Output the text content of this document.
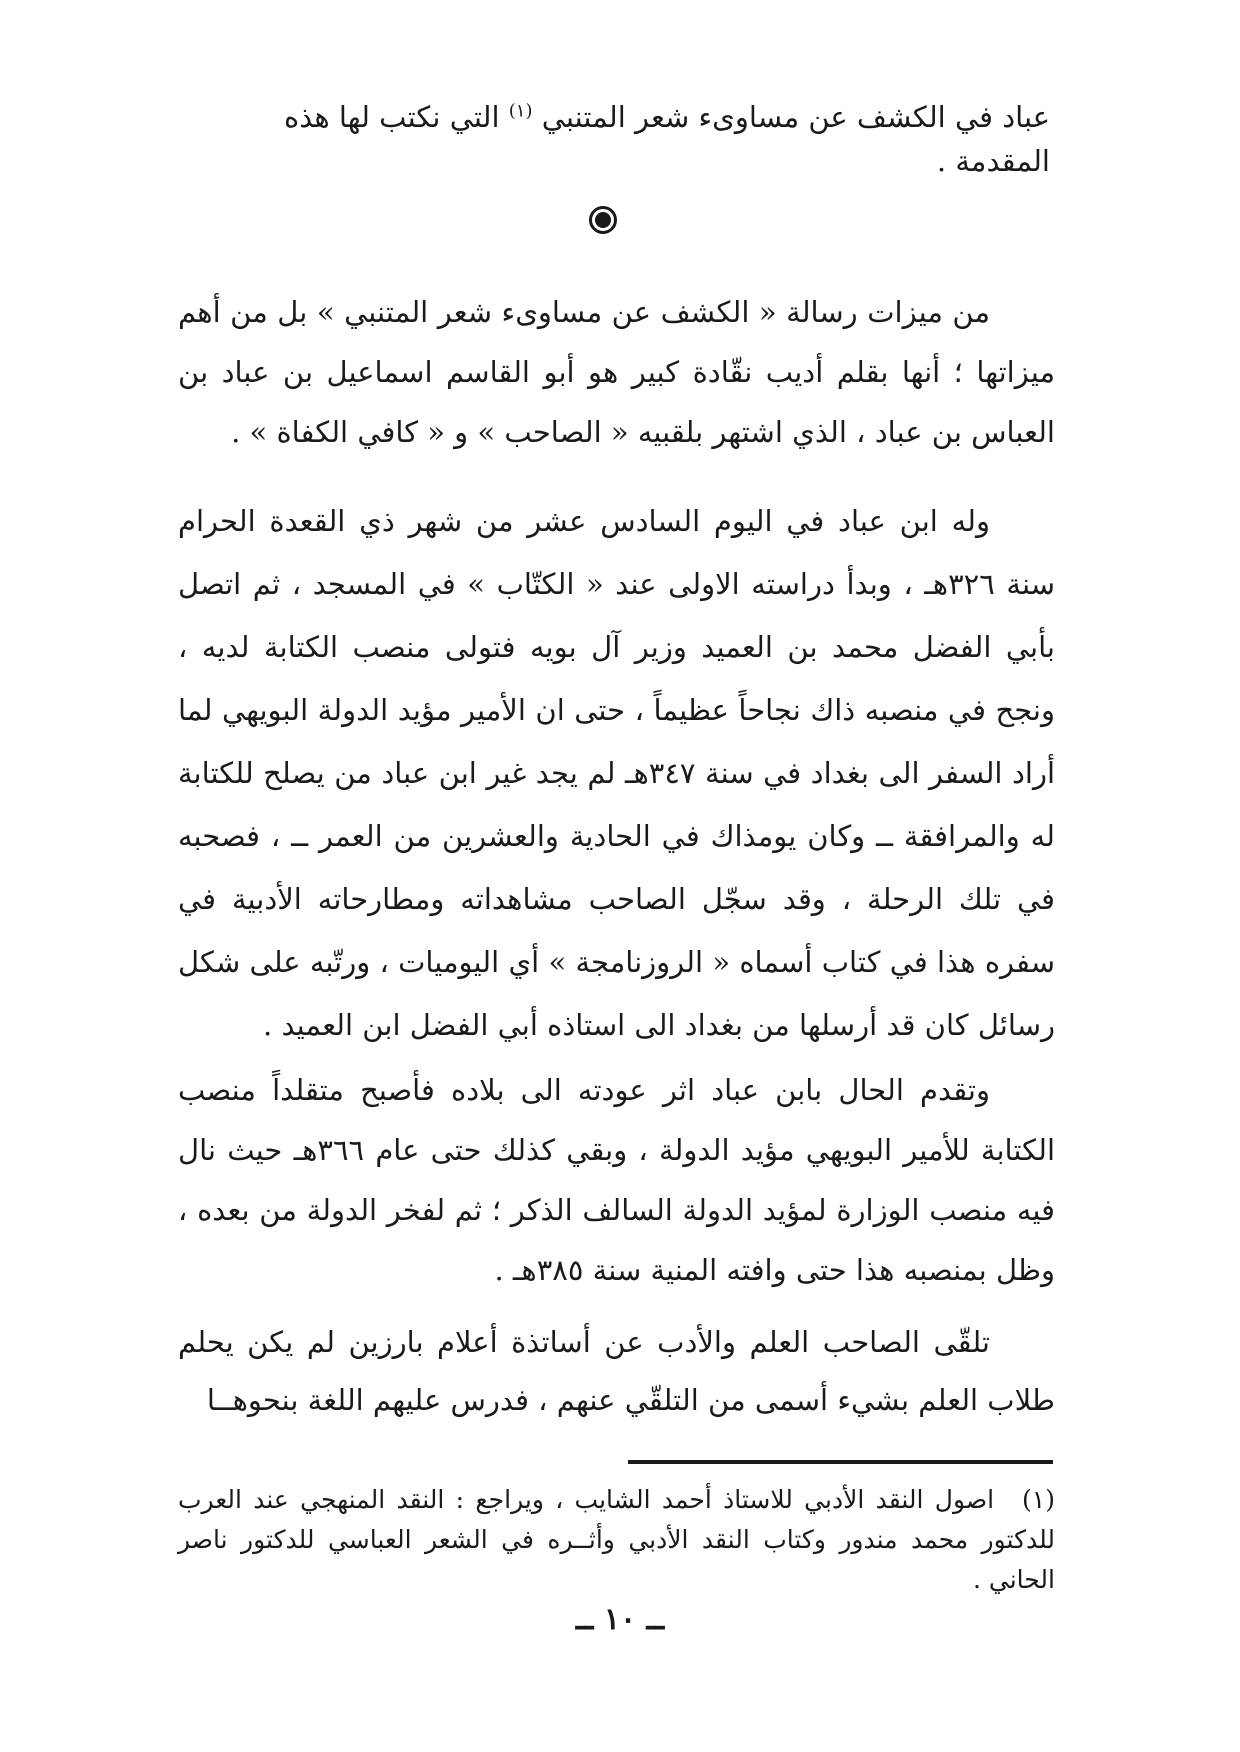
عباد في الكشف عن مساوىء شعر المتنبي $^{(١)}$ التي نكتب لها هذه المقدمة .

من ميزات رسالة « الكشف عن مساوىء شعر المتنبي » بل من أهم ميزاتها ؛ أنها بقلم أديب نقّادة كبير هو أبو القاسم اسماعيل بن عباد بن العباس بن عباد ، الذي اشتهر بلقبيه « الصاحب » و « كافي الكفاة » .

وله ابن عباد في اليوم السادس عشر من شهر ذي القعدة الحرام سنة ٣٢٦هـ ، وبدأ دراسته الاولى عند « الكتّاب » في المسجد ، ثم اتصل بأبي الفضل محمد بن العميد وزير آل بويه فتولى منصب الكتابة لديه ، ونجح في منصبه ذاك نجاحاً عظيماً ، حتى ان الأمير مؤيد الدولة البويهي لما أراد السفر الى بغداد في سنة ٣٤٧هـ لم يجد غير ابن عباد من يصلح للكتابة له والمرافقة ــ وكان يومذاك في الحادية والعشرين من العمر ــ ، فصحبه في تلك الرحلة ، وقد سجّل الصاحب مشاهداته ومطارحاته الأدبية في سفره هذا في كتاب أسماه « الروزنامجة » أي اليوميات ، ورتّبه على شكل رسائل كان قد أرسلها من بغداد الى استاذه أبي الفضل ابن العميد .

وتقدم الحال بابن عباد اثر عودته الى بلاده فأصبح متقلداً منصب الكتابة للأمير البويهي مؤيد الدولة ، وبقي كذلك حتى عام ٣٦٦هـ حيث نال فيه منصب الوزارة لمؤيد الدولة السالف الذكر ؛ ثم لفخر الدولة من بعده ، وظل بمنصبه هذا حتى وافته المنية سنة ٣٨٥هـ .

تلقّى الصاحب العلم والأدب عن أساتذة أعلام بارزين لم يكن يحلم طلاب العلم بشيء أسمى من التلقّي عنهم ، فدرس عليهم اللغة بنحوهــا

(١)اصول النقد الأدبي للاستاذ أحمد الشايب ، ويراجع : النقد المنهجي عند العرب للدكتور محمد مندور وكتاب النقد الأدبي وأثــره في الشعر العباسي للدكتور ناصر الحاني .

ــ ١٠ ــ
